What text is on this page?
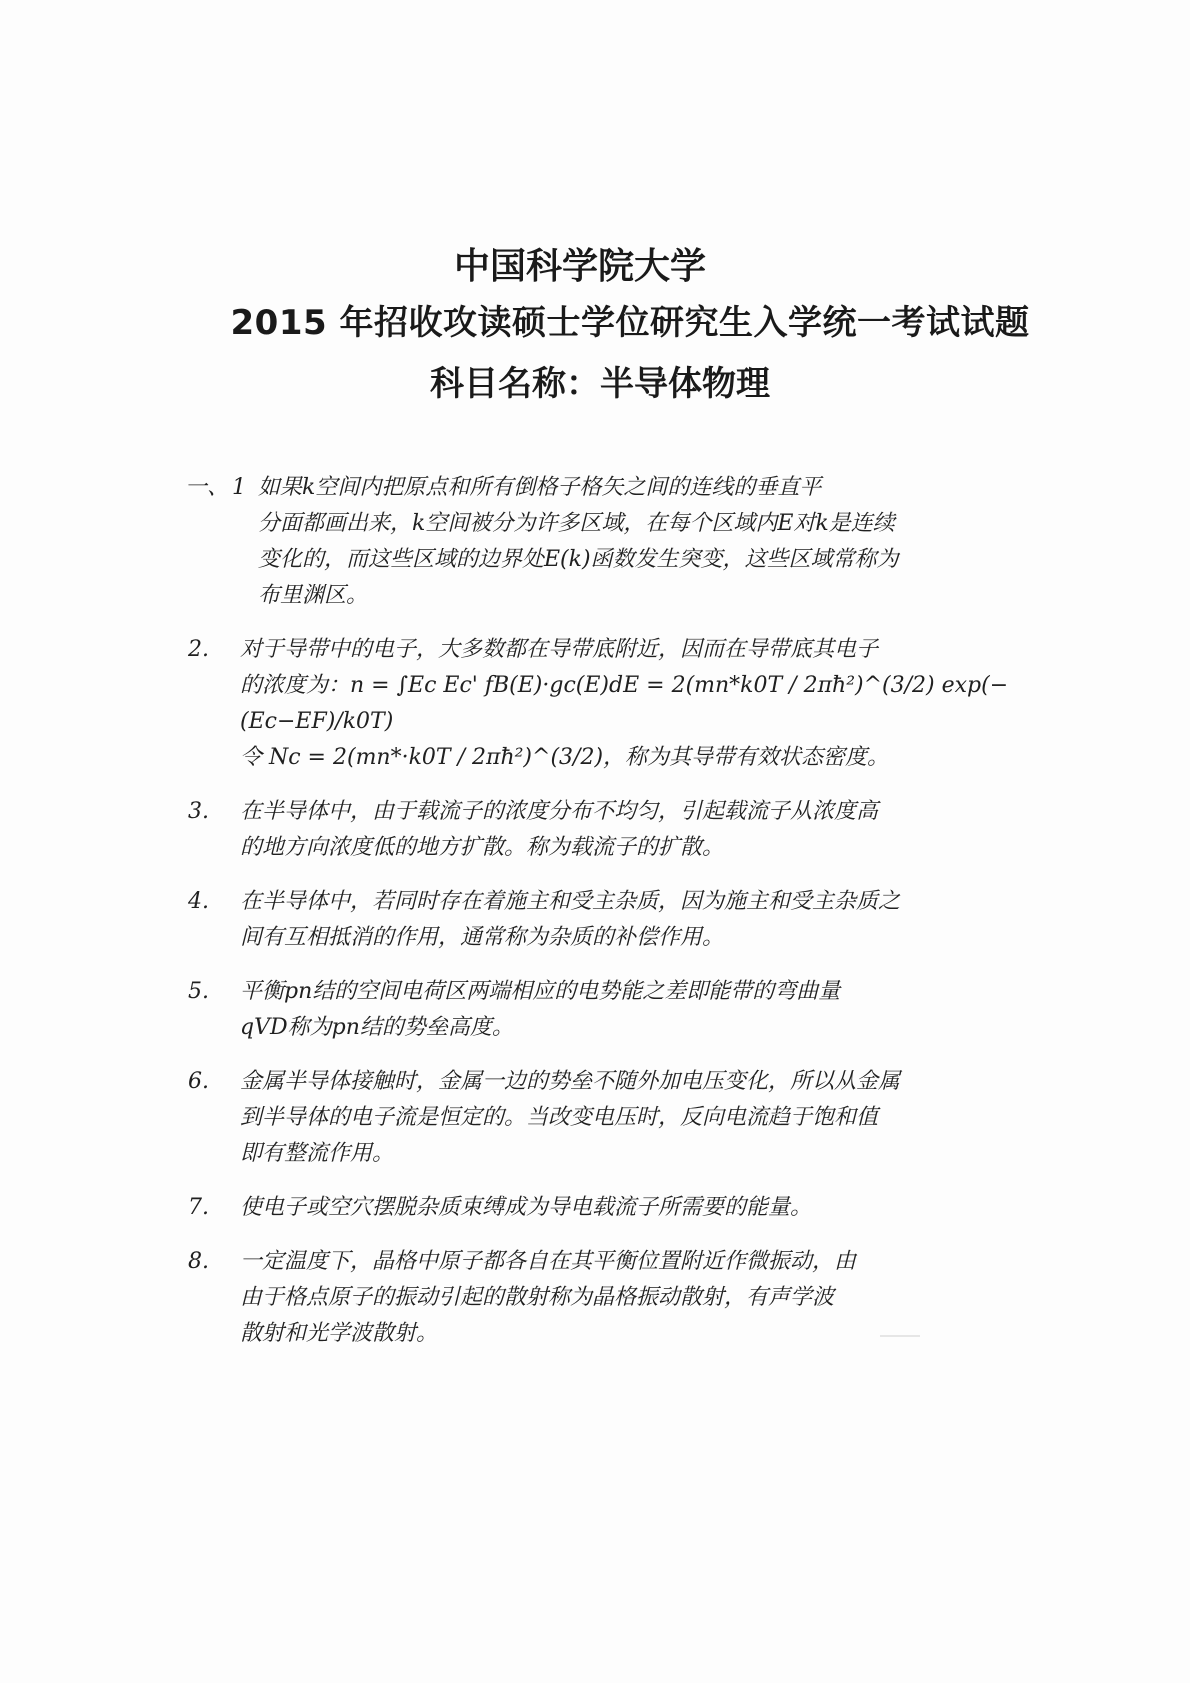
中国科学院大学
2015 年招收攻读硕士学位研究生入学统一考试试题
科目名称：半导体物理
一、 1 如果k空间内把原点和所有倒格子格矢之间的连线的垂直平
分面都画出来，k空间被分为许多区域，在每个区域内E对k是连续
变化的，而这些区域的边界处E(k)函数发生突变，这些区域常称为
布里渊区。
2.	对于导带中的电子，大多数都在导带底附近，因而在导带底其电子
的浓度为：n = ∫Ec Ec' fB(E)·gc(E)dE = 2(mn*k0T / 2πħ²)^(3/2) exp(−(Ec−EF)/k0T)
令 Nc = 2(mn*·k0T / 2πħ²)^(3/2)，称为其导带有效状态密度。
3.	在半导体中，由于载流子的浓度分布不均匀，引起载流子从浓度高
的地方向浓度低的地方扩散。称为载流子的扩散。
4.	在半导体中，若同时存在着施主和受主杂质，因为施主和受主杂质之
间有互相抵消的作用，通常称为杂质的补偿作用。
5.	平衡pn结的空间电荷区两端相应的电势能之差即能带的弯曲量
qVD称为pn结的势垒高度。
6.	金属半导体接触时，金属一边的势垒不随外加电压变化，所以从金属
到半导体的电子流是恒定的。当改变电压时，反向电流趋于饱和值
即有整流作用。
7.	使电子或空穴摆脱杂质束缚成为导电载流子所需要的能量。
8.	一定温度下，晶格中原子都各自在其平衡位置附近作微振动，由
由于格点原子的振动引起的散射称为晶格振动散射，有声学波
散射和光学波散射。
